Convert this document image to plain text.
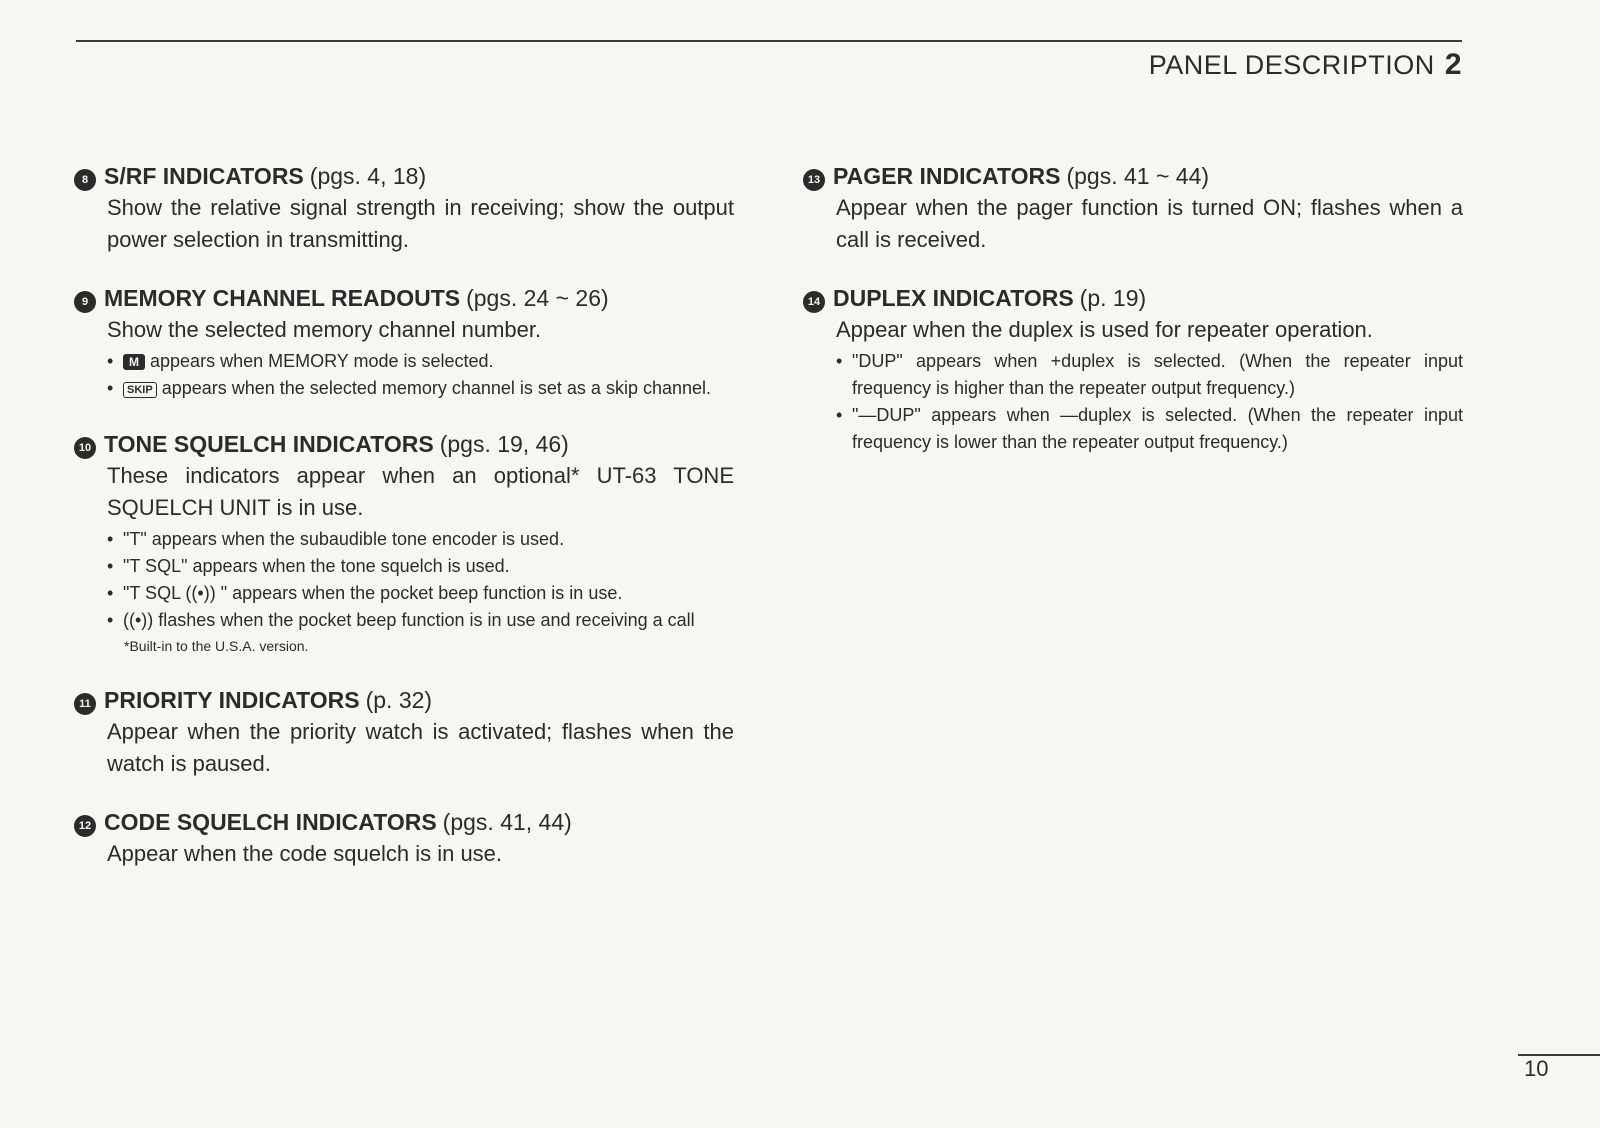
PANEL DESCRIPTION 2
8 S/RF INDICATORS (pgs. 4, 18)
Show the relative signal strength in receiving; show the output power selection in transmitting.
9 MEMORY CHANNEL READOUTS (pgs. 24 ~ 26)
Show the selected memory channel number.
• M appears when MEMORY mode is selected.
• SKIP appears when the selected memory channel is set as a skip channel.
10 TONE SQUELCH INDICATORS (pgs. 19, 46)
These indicators appear when an optional* UT-63 TONE SQUELCH UNIT is in use.
• "T" appears when the subaudible tone encoder is used.
• "T SQL" appears when the tone squelch is used.
• "T SQL ((•)) " appears when the pocket beep function is in use.
• ((•)) flashes when the pocket beep function is in use and receiving a call
*Built-in to the U.S.A. version.
11 PRIORITY INDICATORS (p. 32)
Appear when the priority watch is activated; flashes when the watch is paused.
12 CODE SQUELCH INDICATORS (pgs. 41, 44)
Appear when the code squelch is in use.
13 PAGER INDICATORS (pgs. 41 ~ 44)
Appear when the pager function is turned ON; flashes when a call is received.
14 DUPLEX INDICATORS (p. 19)
Appear when the duplex is used for repeater operation.
• "DUP" appears when +duplex is selected. (When the repeater input frequency is higher than the repeater output frequency.)
• "—DUP" appears when —duplex is selected. (When the repeater input frequency is lower than the repeater output frequency.)
10
